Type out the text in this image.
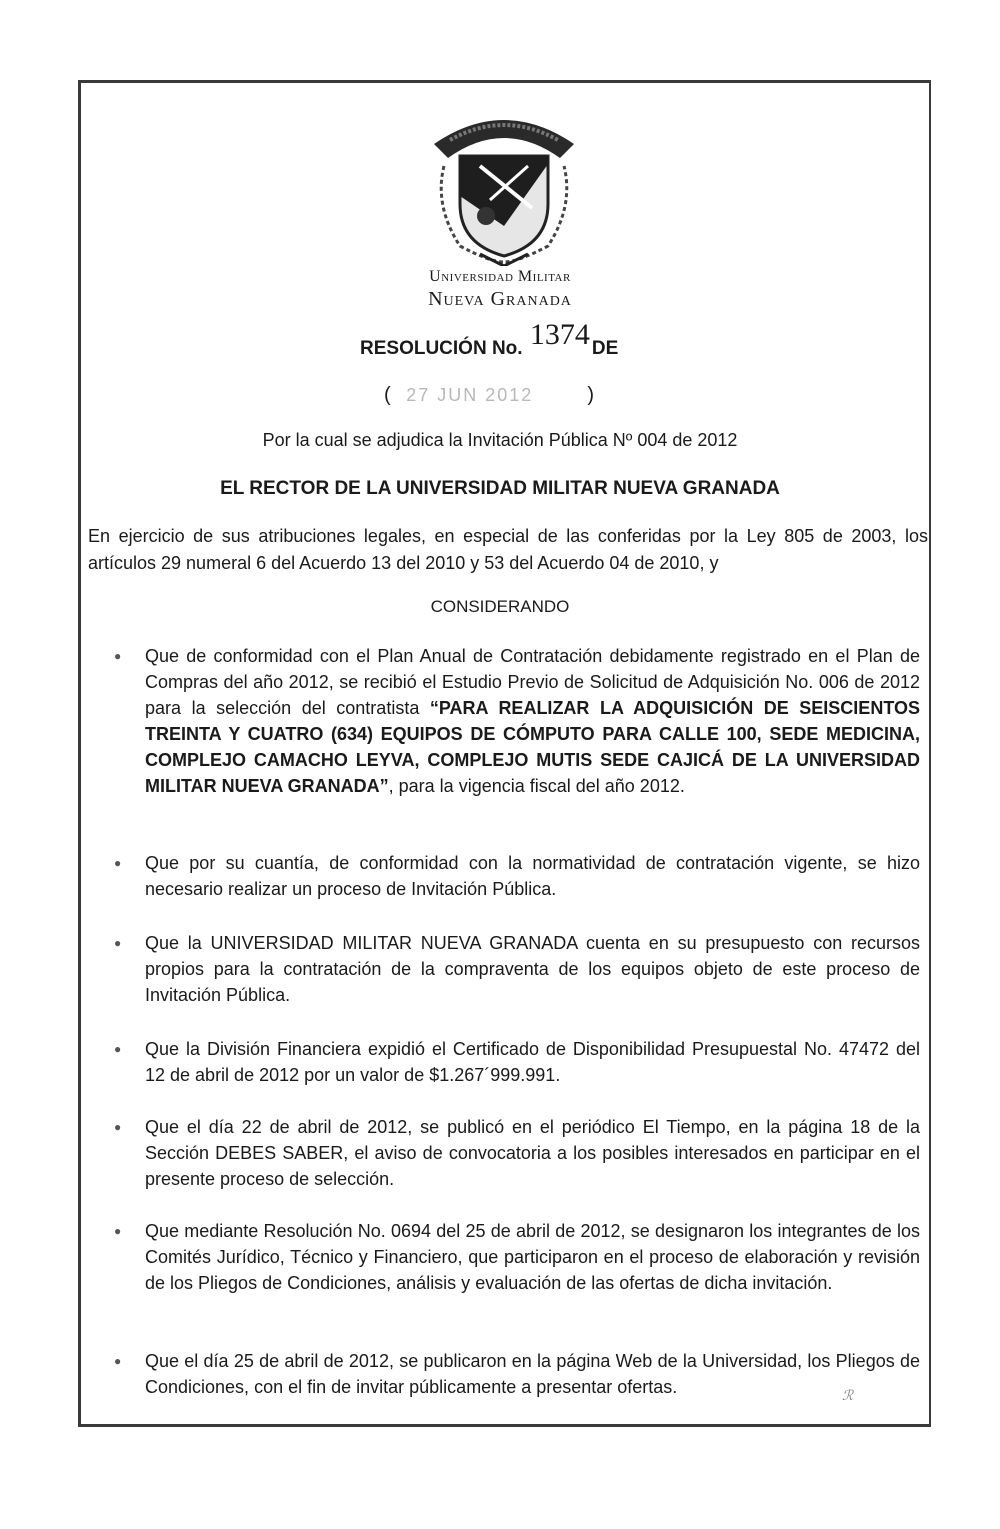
Universidad Militar
Nueva Granada
RESOLUCIÓN No. 1374 DE
( 27 JUN 2012	)
Por la cual se adjudica la Invitación Pública Nº 004 de 2012
EL RECTOR DE LA UNIVERSIDAD MILITAR NUEVA GRANADA
En ejercicio de sus atribuciones legales, en especial de las conferidas por la Ley 805 de 2003, los artículos 29 numeral 6 del Acuerdo 13 del 2010 y 53 del Acuerdo 04 de 2010, y
CONSIDERANDO
● Que de conformidad con el Plan Anual de Contratación debidamente registrado en el Plan de Compras del año 2012, se recibió el Estudio Previo de Solicitud de Adquisición No. 006 de 2012 para la selección del contratista “PARA REALIZAR LA ADQUISICIÓN DE SEISCIENTOS TREINTA Y CUATRO (634) EQUIPOS DE CÓMPUTO PARA CALLE 100, SEDE MEDICINA, COMPLEJO CAMACHO LEYVA, COMPLEJO MUTIS SEDE CAJICÁ DE LA UNIVERSIDAD MILITAR NUEVA GRANADA”, para la vigencia fiscal del año 2012.
● Que por su cuantía, de conformidad con la normatividad de contratación vigente, se hizo necesario realizar un proceso de Invitación Pública.
● Que la UNIVERSIDAD MILITAR NUEVA GRANADA cuenta en su presupuesto con recursos propios para la contratación de la compraventa de los equipos objeto de este proceso de Invitación Pública.
● Que la División Financiera expidió el Certificado de Disponibilidad Presupuestal No. 47472 del 12 de abril de 2012 por un valor de $1.267´999.991.
● Que el día 22 de abril de 2012, se publicó en el periódico El Tiempo, en la página 18 de la Sección DEBES SABER, el aviso de convocatoria a los posibles interesados en participar en el presente proceso de selección.
● Que mediante Resolución No. 0694 del 25 de abril de 2012, se designaron los integrantes de los Comités Jurídico, Técnico y Financiero, que participaron en el proceso de elaboración y revisión de los Pliegos de Condiciones, análisis y evaluación de las ofertas de dicha invitación.
● Que el día 25 de abril de 2012, se publicaron en la página Web de la Universidad, los Pliegos de Condiciones, con el fin de invitar públicamente a presentar ofertas.	ℛ
